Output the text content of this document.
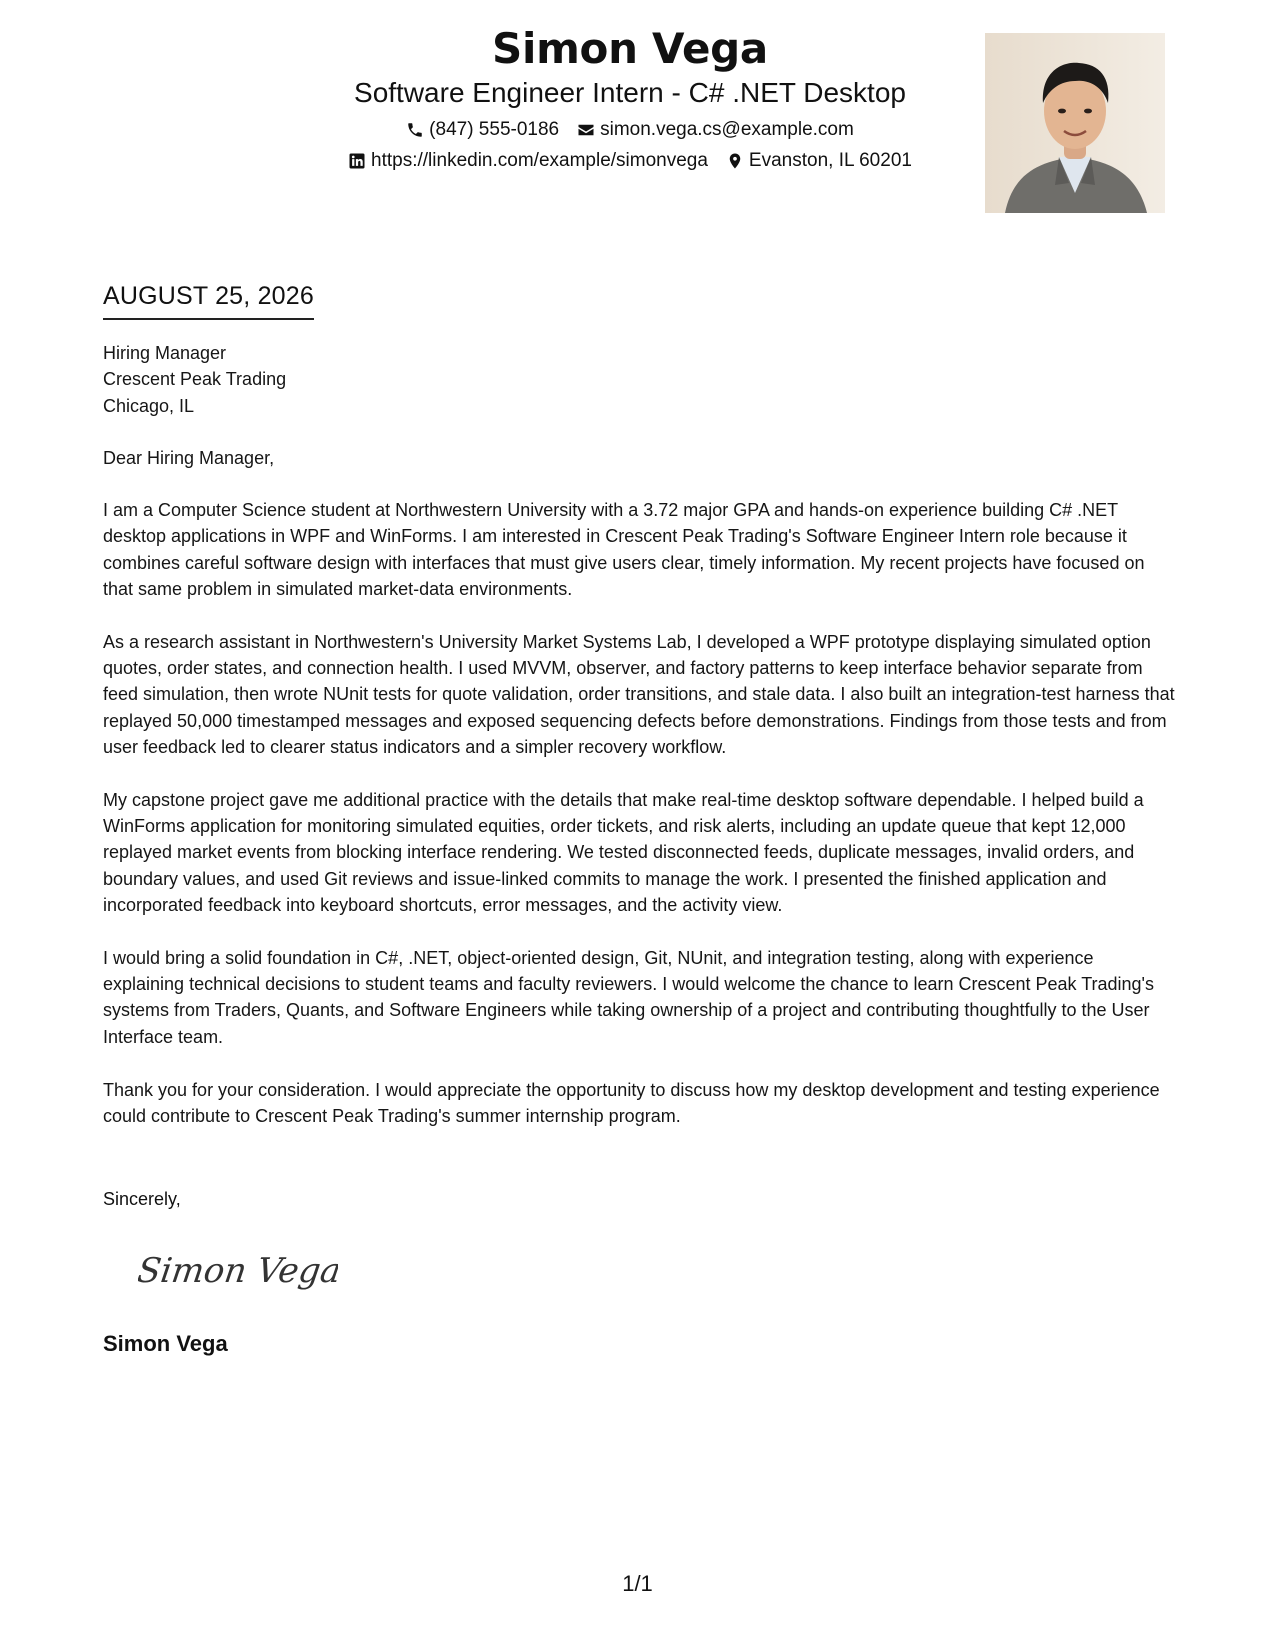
Simon Vega
Software Engineer Intern - C# .NET Desktop
(847) 555-0186 simon.vega.cs@example.com
https://linkedin.com/example/simonvega Evanston, IL 60201
AUGUST 25, 2026
Hiring Manager
Crescent Peak Trading
Chicago, IL

Dear Hiring Manager,

I am a Computer Science student at Northwestern University with a 3.72 major GPA and hands-on experience building C# .NET desktop applications in WPF and WinForms. I am interested in Crescent Peak Trading's Software Engineer Intern role because it combines careful software design with interfaces that must give users clear, timely information. My recent projects have focused on that same problem in simulated market-data environments.

As a research assistant in Northwestern's University Market Systems Lab, I developed a WPF prototype displaying simulated option quotes, order states, and connection health. I used MVVM, observer, and factory patterns to keep interface behavior separate from feed simulation, then wrote NUnit tests for quote validation, order transitions, and stale data. I also built an integration-test harness that replayed 50,000 timestamped messages and exposed sequencing defects before demonstrations. Findings from those tests and from user feedback led to clearer status indicators and a simpler recovery workflow.

My capstone project gave me additional practice with the details that make real-time desktop software dependable. I helped build a WinForms application for monitoring simulated equities, order tickets, and risk alerts, including an update queue that kept 12,000 replayed market events from blocking interface rendering. We tested disconnected feeds, duplicate messages, invalid orders, and boundary values, and used Git reviews and issue-linked commits to manage the work. I presented the finished application and incorporated feedback into keyboard shortcuts, error messages, and the activity view.

I would bring a solid foundation in C#, .NET, object-oriented design, Git, NUnit, and integration testing, along with experience explaining technical decisions to student teams and faculty reviewers. I would welcome the chance to learn Crescent Peak Trading's systems from Traders, Quants, and Software Engineers while taking ownership of a project and contributing thoughtfully to the User Interface team.

Thank you for your consideration. I would appreciate the opportunity to discuss how my desktop development and testing experience could contribute to Crescent Peak Trading's summer internship program.

Sincerely,
Simon Vega
Simon Vega
1/1
